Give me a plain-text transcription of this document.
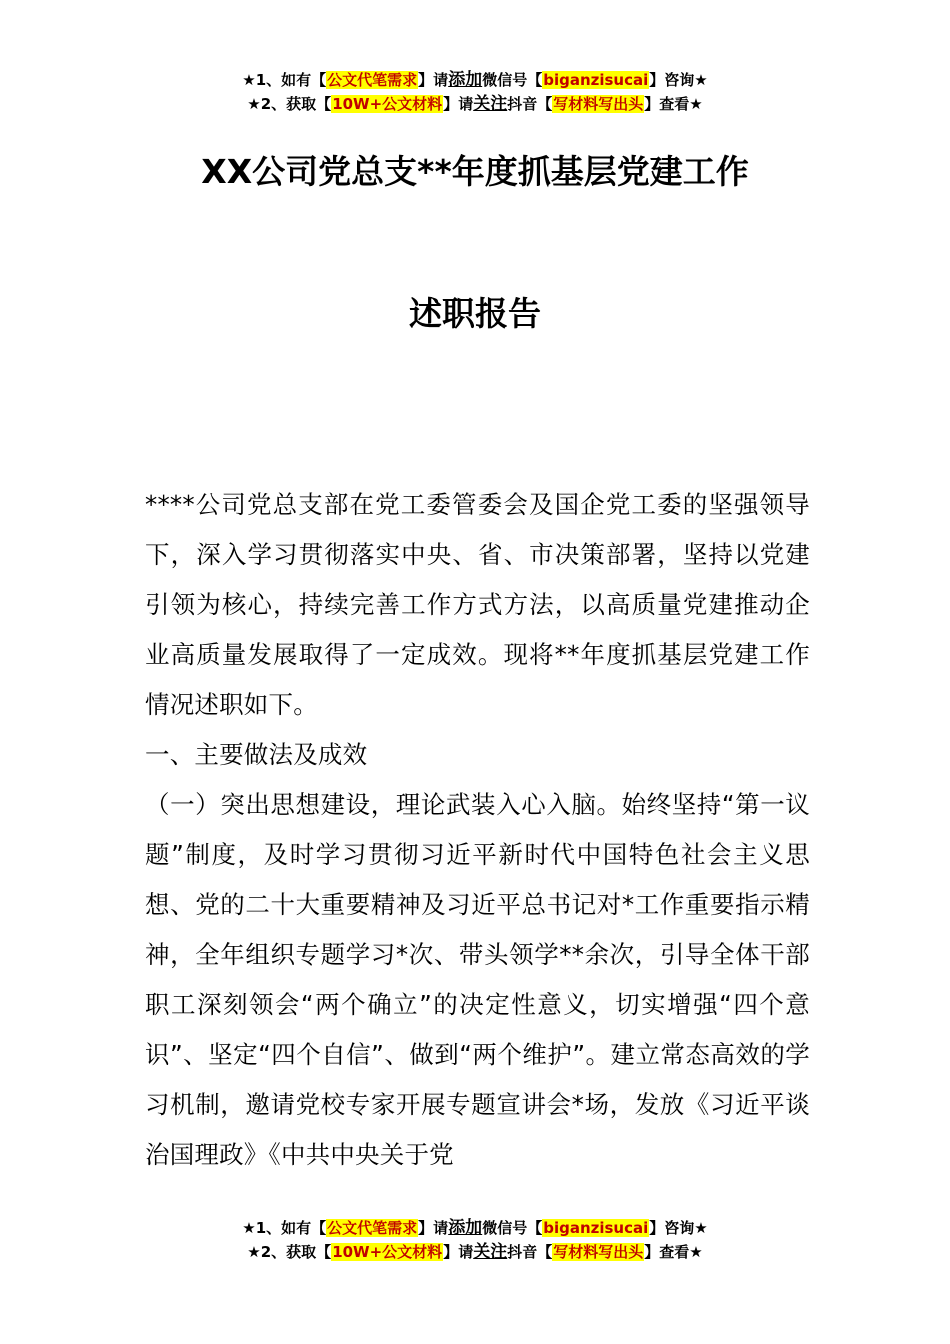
★1、如有【公文代笔需求】请添加微信号【biganzisucai】咨询★
★2、获取【10W+公文材料】请关注抖音【写材料写出头】查看★
XX公司党总支**年度抓基层党建工作
述职报告

****公司党总支部在党工委管委会及国企党工委的坚强领导下，深入学习贯彻落实中央、省、市决策部署，坚持以党建引领为核心，持续完善工作方式方法，以高质量党建推动企业高质量发展取得了一定成效。现将**年度抓基层党建工作情况述职如下。

一、主要做法及成效

（一）突出思想建设，理论武装入心入脑。始终坚持“第一议题”制度，及时学习贯彻习近平新时代中国特色社会主义思想、党的二十大重要精神及习近平总书记对*工作重要指示精神，全年组织专题学习*次、带头领学**余次，引导全体干部职工深刻领会“两个确立”的决定性意义，切实增强“四个意识”、坚定“四个自信”、做到“两个维护”。建立常态高效的学习机制，邀请党校专家开展专题宣讲会*场，发放《习近平谈治国理政》《中共中央关于党

★1、如有【公文代笔需求】请添加微信号【biganzisucai】咨询★
★2、获取【10W+公文材料】请关注抖音【写材料写出头】查看★
